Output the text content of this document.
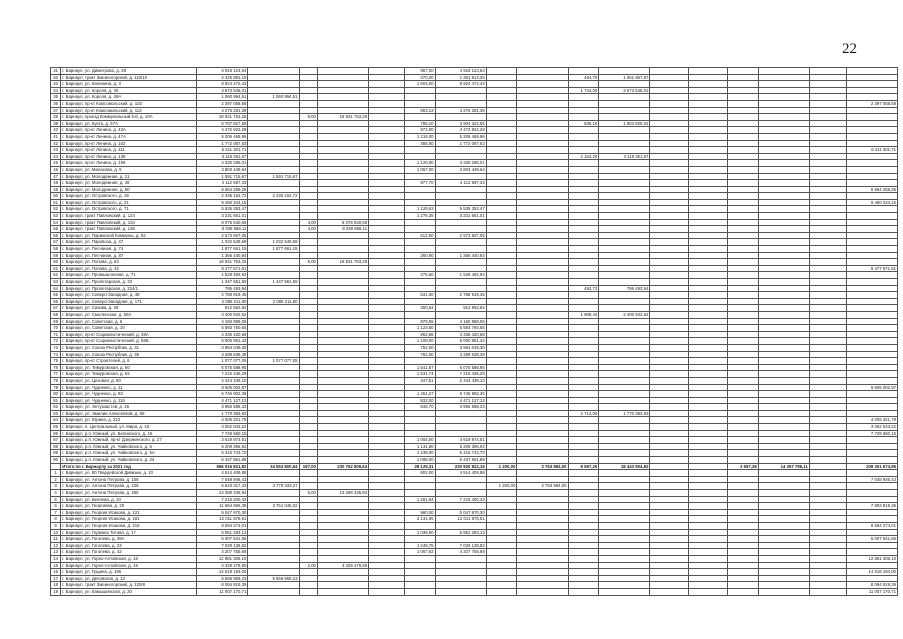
22
31	г. Барнаул, ул. Димитрова, д. 28	4 918 124,54					987,00	4 918 124,54										
32	г. Барнаул, тракт Змеиногорский, д. 110/10	2 425 981,15					370,00	1 361 913,26			494,70	1 061 967,87						
33	г. Барнаул, ул. Калинина, д. 3	8 924 472,43					1 604,00	8 924 472,43										
34	г. Барнаул, ул. Короля, д. 40	3 673 546,01									1 724,00	3 673 546,01						
35	г. Барнаул, ул. Короля, д. 49А	1 060 994,51	1 060 994,51															
36	г. Барнаул, пр-кт Комсомольский, д. 103	2 397 058,58																2 397 058,58
37	г. Барнаул, пр-кт Комсомольский, д. 113	4 276 281,38					863,13	4 276 281,38										
38	г. Барнаул, проезд Коммунальный 5-й, д. 10А	18 931 753,25		9,00	18 931 753,25													
39	г. Барнаул, ул. Куета, д. 57А	5 707 827,58					786,10	3 904 322,56			838,10	1 803 505,02						
40	г. Барнаул, пр-кт Ленина, д. 43А	4 472 922,28					972,00	4 472 922,28										
41	г. Барнаул, пр-кт Ленина, д. 47А	5 206 469,96					1 218,00	5 206 469,96										
42	г. Барнаул, пр-кт Ленина, д. 102	1 772 087,63					385,00	1 772 087,63										
43	г. Барнаул, пр-кт Ленина, д. 111	6 411 301,71																6 411 301,71
44	г. Барнаул, пр-кт Ленина, д. 139	3 118 351,57									2 163,20	3 118 351,57						
45	г. Барнаул, пр-кт Ленина, д. 159	4 330 285,01					1 120,00	4 330 285,01										
46	г. Барнаул, ул. Малахова, д. 5	3 803 449,64					1 057,00	3 803 449,64										
47	г. Барнаул, ул. Молодежная, д. 21	1 591 715,67	1 591 715,67															
48	г. Барнаул, ул. Молодежная, д. 46	4 112 597,33					977,70	4 112 597,33										
49	г. Барнаул, ул. Молодежная, д. 50	6 664 259,26																6 664 259,26
50	г. Барнаул, ул. Островского, д. 19	2 435 152,72	2 435 152,72															
51	г. Барнаул, ул. Островского, д. 21	9 460 344,15																9 460 344,15
52	г. Барнаул, ул. Островского, д. 71	5 535 353,47					1 129,63	5 535 353,47										
53	г. Барнаул, тракт Павловский, д. 124	3 231 661,01					1 276,35	3 231 661,01										
54	г. Барнаул, тракт Павловский, д. 134	8 075 540,65		4,00	8 075 540,65													
55	г. Барнаул, тракт Павловский, д. 136	8 339 668,11		4,00	8 339 668,11													
56	г. Барнаул, ул. Парижской Коммуны, д. 92	2 573 607,05					612,50	2 573 607,05										
57	г. Барнаул, ул. Паровоза, д. 47	1 032 549,69	1 032 549,69															
58	г. Барнаул, ул. Песчаная, д. 74	1 877 661,15	1 877 661,15															
59	г. Барнаул, ул. Песчаная, д. 87	1 366 440,84					260,90	1 366 440,84										
60	г. Барнаул, ул. Попова, д. 63	18 931 753,25		9,00	18 931 753,25													
61	г. Барнаул, ул. Попова, д. 42	9 477 671,51																9 477 671,51
62	г. Барнаул, ул. Промышленная, д. 71	1 528 492,93					275,60	1 528 492,93										
63	г. Барнаул, ул. Пролетарская, д. 33	1 347 561,59	1 347 561,59															
64	г. Барнаул, ул. Пролетарская, д. 224/1	786 493,94									492,72	786 493,94						
65	г. Барнаул, ул. Северо-Западная, д. 48	2 788 919,45					531,00	2 788 919,45										
66	г. Барнаул, ул. Северо-Западная, д. 171	2 085 211,80	2 085 211,80															
67	г. Барнаул, ул. Сизова, д. 28	912 562,84					300,54	912 562,84										
68	г. Барнаул, ул. Смоленская, д. 50А	3 400 942,62									1 909,44	3 400 942,62						
69	г. Барнаул, ул. Советская, д. 6	4 160 888,06					979,55	4 160 888,06										
70	г. Барнаул, ул. Советская, д. 10	5 593 760,65					1 123,60	5 593 760,65										
71	г. Барнаул, пр-кт Социалистический, д. 38А	4 336 420,68					862,66	4 336 420,68										
72	г. Барнаул, пр-кт Социалистический, д. 56Б	5 000 951,43					1 109,00	5 000 951,43										
73	г. Барнаул, ул. Союза Республик, д. 31	3 964 049,30					752,00	3 964 049,30										
74	г. Барнаул, ул. Союза Республик, д. 35	3 289 638,38					762,00	3 289 638,38										
75	г. Барнаул, пр-кт Строителей, д. 6	1 077 077,05	1 077 077,05															
76	г. Барнаул, ул. Тимуровская, д. 60	6 075 588,95					1 541,67	6 075 588,95										
77	г. Барнаул, ул. Тимуровская, д. 62	7 215 435,29					1 531,74	7 215 435,29										
78	г. Барнаул, ул. Цеховая, д. 60	2 444 439,10					447,51	2 444 439,10										
79	г. Барнаул, ул. Чудненко, д. 11	9 605 002,97																9 605 002,97
80	г. Барнаул, ул. Чудненко, д. 93	6 746 902,36					1 451,27	6 746 902,36										
81	г. Барнаул, ул. Чудненко, д. 116	4 471 127,12					832,00	4 471 127,12										
82	г. Барнаул, ул. Энтузиастов, д. 46	3 956 588,33					848,70	3 956 588,33										
83	г. Барнаул, ул. Эмилии Алексеевой, д. 68	1 770 383,83									2 714,00	1 770 383,83						
84	г. Барнаул, ул. Юрина, д. 222	4 005 321,78																4 005 321,78
85	г. Барнаул, п. Центральный, ул. Мира, д. 15	3 062 043,22																3 062 043,22
86	г. Барнаул, р.п. Южный, ул. Белинского, д. 15	7 729 650,15																7 729 650,15
87	г. Барнаул, р.п. Южный, пр-кт Дзержинского, д. 27	3 619 974,51					1 004,00	3 619 974,51										
88	г. Барнаул, р.п. Южный, ул. Чайковского, д. 5	5 209 396,92					1 131,80	5 209 396,92										
89	г. Барнаул, р.п. Южный, ул. Чайковского, д. 5А	5 415 743,70					1 238,00	5 415 743,70										
90	г. Барнаул, р.п. Южный, ул. Чайковского, д. 24	5 437 561,88					1 098,00	5 437 561,88										
	Итого по г. Барнаулу за 2021 год	656 016 821,82	34 553 800,64	197,00	230 762 809,64		28 129,31	230 920 822,16	1 200,00	2 763 984,00	8 597,20	18 443 904,82			3 657,28	14 357 796,11		209 301 674,95
1	г. Барнаул, ул. 80 Гвардейской Дивизии, д. 10	4 514 409,88					802,00	4 514 409,88										
2	г. Барнаул, ул. Антона Петрова, д. 108	7 048 946,43																7 048 946,43
3	г. Барнаул, ул. Антона Петрова, д. 228	6 543 317,33	3 779 333,27						1 200,00	2 763 984,00								
4	г. Барнаул, ул. Антона Петрова, д. 266	13 288 436,94		6,00	13 288 436,94													
5	г. Барнаул, ул. Беляева, д. 10	7 215 400,43					1 281,84	7 215 400,43										
6	г. Барнаул, ул. Георгиева, д. 20	11 654 865,38	3 761 046,02															7 893 819,36
7	г. Барнаул, ул. Георгия Исакова, д. 121	5 047 970,30					980,00	5 047 970,30										
8	г. Барнаул, ул. Георгия Исакова, д. 181	12 011 876,51					2 131,95	12 011 876,51										
9	г. Барнаул, ул. Георгия Исакова, д. 215	8 594 274,01																8 594 274,01
10	г. Барнаул, ул. Германа Титова, д. 17	5 851 283,13					1 039,50	5 851 283,13										
11	г. Барнаул, ул. Гоголева, д. 39А	5 007 641,66																5 007 641,66
12	г. Барнаул, ул. Гоголева, д. 23	7 029 138,82					1 248,75	7 029 138,82										
13	г. Барнаул, ул. Гоголева, д. 42	4 207 755,68					1 067,63	4 207 755,68										
14	г. Барнаул, ул. Горно-Алтайская, д. 16	12 881 306,10																12 881 306,10
15	г. Барнаул, ул. Горно-Алтайская, д. 19	4 429 478,90		2,00	4 429 478,90													
16	г. Барнаул, ул. Гущина, д. 195	14 618 184,00																14 618 184,00
17	г. Барнаул, ул. Деповская, д. 12	5 656 969,23	5 656 969,23															
18	г. Барнаул, тракт Змеиногорский, д. 120/8	8 094 819,39																8 094 819,39
19	г. Барнаул, ул. Камышинская, д. 20	11 007 170,71																11 007 170,71
